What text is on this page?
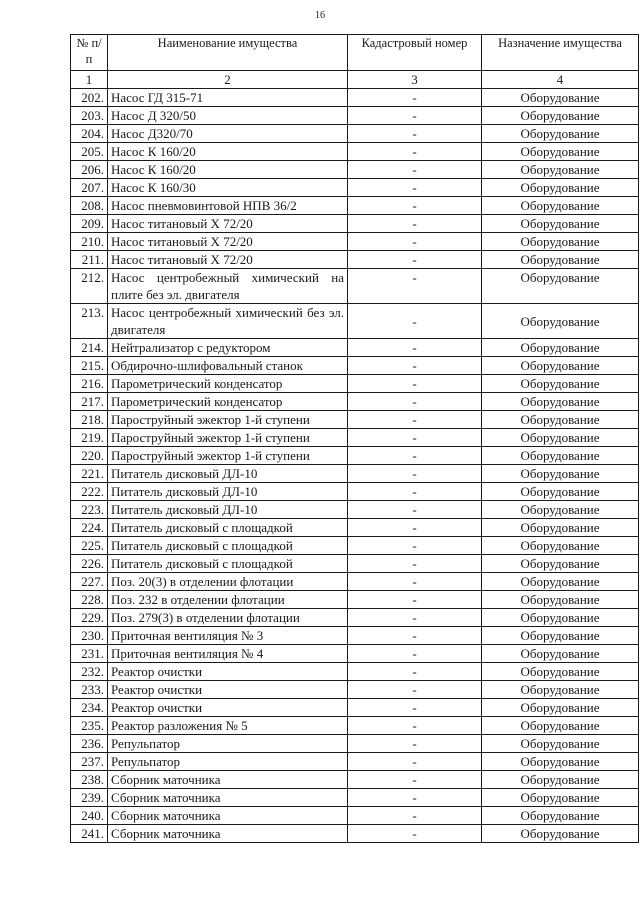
16
№ п/п	Наименование имущества	Кадастровый номер	Назначение имущества
1	2	3	4
202.	Насос ГД 315-71	-	Оборудование
203.	Насос Д 320/50	-	Оборудование
204.	Насос Д320/70	-	Оборудование
205.	Насос К 160/20	-	Оборудование
206.	Насос К 160/20	-	Оборудование
207.	Насос К 160/30	-	Оборудование
208.	Насос пневмовинтовой НПВ 36/2	-	Оборудование
209.	Насос титановый Х 72/20	-	Оборудование
210.	Насос титановый Х 72/20	-	Оборудование
211.	Насос титановый Х 72/20	-	Оборудование
212.	Насос центробежный химический на плите без эл. двигателя	-	Оборудование
213.	Насос центробежный химический без эл. двигателя	-	Оборудование
214.	Нейтрализатор с редуктором	-	Оборудование
215.	Обдирочно-шлифовальный станок	-	Оборудование
216.	Парометрический конденсатор	-	Оборудование
217.	Парометрический конденсатор	-	Оборудование
218.	Пароструйный эжектор 1-й ступени	-	Оборудование
219.	Пароструйный эжектор 1-й ступени	-	Оборудование
220.	Пароструйный эжектор 1-й ступени	-	Оборудование
221.	Питатель дисковый ДЛ-10	-	Оборудование
222.	Питатель дисковый ДЛ-10	-	Оборудование
223.	Питатель дисковый ДЛ-10	-	Оборудование
224.	Питатель дисковый с площадкой	-	Оборудование
225.	Питатель дисковый с площадкой	-	Оборудование
226.	Питатель дисковый с площадкой	-	Оборудование
227.	Поз. 20(3) в отделении флотации	-	Оборудование
228.	Поз. 232 в отделении флотации	-	Оборудование
229.	Поз. 279(3) в отделении флотации	-	Оборудование
230.	Приточная вентиляция № 3	-	Оборудование
231.	Приточная вентиляция № 4	-	Оборудование
232.	Реактор очистки	-	Оборудование
233.	Реактор очистки	-	Оборудование
234.	Реактор очистки	-	Оборудование
235.	Реактор разложения № 5	-	Оборудование
236.	Репульпатор	-	Оборудование
237.	Репульпатор	-	Оборудование
238.	Сборник маточника	-	Оборудование
239.	Сборник маточника	-	Оборудование
240.	Сборник маточника	-	Оборудование
241.	Сборник маточника	-	Оборудование
